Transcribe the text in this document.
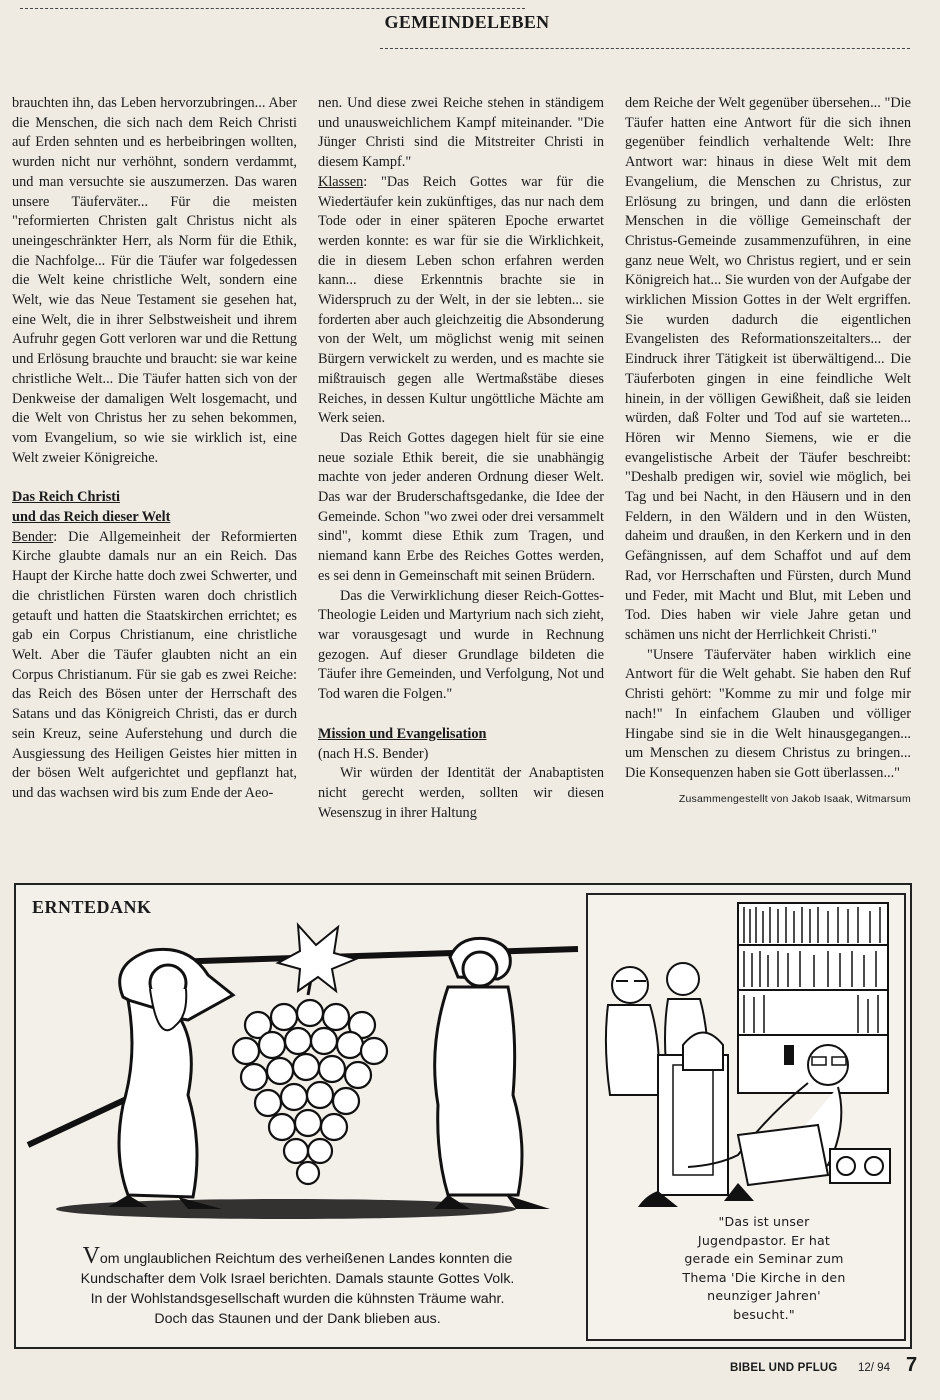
GEMEINDELEBEN

brauchten ihn, das Leben hervorzubringen... Aber die Menschen, die sich nach dem Reich Christi auf Erden sehnten und es herbeibringen wollten, wurden nicht nur verhöhnt, sondern verdammt, und man versuchte sie auszumerzen. Das waren unsere Täuferväter... Für die meisten "reformierten Christen galt Christus nicht als uneingeschränkter Herr, als Norm für die Ethik, die Nachfolge... Für die Täufer war folgedessen die Welt keine christliche Welt, sondern eine Welt, wie das Neue Testament sie gesehen hat, eine Welt, die in ihrer Selbstweisheit und ihrem Aufruhr gegen Gott verloren war und die Rettung und Erlösung brauchte und braucht: sie war keine christliche Welt... Die Täufer hatten sich von der Denkweise der damaligen Welt losgemacht, und die Welt von Christus her zu sehen bekommen, vom Evangelium, so wie sie wirklich ist, eine Welt zweier Königreiche.

Das Reich Christi
und das Reich dieser Welt

Bender: Die Allgemeinheit der Reformierten Kirche glaubte damals nur an ein Reich. Das Haupt der Kirche hatte doch zwei Schwerter, und die christlichen Fürsten waren doch christlich getauft und hatten die Staatskirchen errichtet; es gab ein Corpus Christianum, eine christliche Welt. Aber die Täufer glaubten nicht an ein Corpus Christianum. Für sie gab es zwei Reiche: das Reich des Bösen unter der Herrschaft des Satans und das Königreich Christi, das er durch sein Kreuz, seine Auferstehung und durch die Ausgiessung des Heiligen Geistes hier mitten in der bösen Welt aufgerichtet und gepflanzt hat, und das wachsen wird bis zum Ende der Aeo-

nen. Und diese zwei Reiche stehen in ständigem und unausweichlichem Kampf miteinander. "Die Jünger Christi sind die Mitstreiter Christi in diesem Kampf."

Klassen: "Das Reich Gottes war für die Wiedertäufer kein zukünftiges, das nur nach dem Tode oder in einer späteren Epoche erwartet werden konnte: es war für sie die Wirklichkeit, die in diesem Leben schon erfahren werden kann... diese Erkenntnis brachte sie in Widerspruch zu der Welt, in der sie lebten... sie forderten aber auch gleichzeitig die Absonderung von der Welt, um möglichst wenig mit seinen Bürgern verwickelt zu werden, und es machte sie mißtrauisch gegen alle Wertmaßstäbe dieses Reiches, in dessen Kultur ungöttliche Mächte am Werk seien.

Das Reich Gottes dagegen hielt für sie eine neue soziale Ethik bereit, die sie unabhängig machte von jeder anderen Ordnung dieser Welt. Das war der Bruderschaftsgedanke, die Idee der Gemeinde. Schon "wo zwei oder drei versammelt sind", kommt diese Ethik zum Tragen, und niemand kann Erbe des Reiches Gottes werden, es sei denn in Gemeinschaft mit seinen Brüdern.

Das die Verwirklichung dieser Reich-Gottes-Theologie Leiden und Martyrium nach sich zieht, war vorausgesagt und wurde in Rechnung gezogen. Auf dieser Grundlage bildeten die Täufer ihre Gemeinden, und Verfolgung, Not und Tod waren die Folgen."

Mission und Evangelisation

(nach H.S. Bender)

Wir würden der Identität der Anabaptisten nicht gerecht werden, sollten wir diesen Wesenszug in ihrer Haltung

dem Reiche der Welt gegenüber übersehen... "Die Täufer hatten eine Antwort für die sich ihnen gegenüber feindlich verhaltende Welt: Ihre Antwort war: hinaus in diese Welt mit dem Evangelium, die Menschen zu Christus, zur Erlösung zu bringen, und dann die erlösten Menschen in die völlige Gemeinschaft der Christus-Gemeinde zusammenzuführen, in eine ganz neue Welt, wo Christus regiert, und er sein Königreich hat... Sie wurden von der Aufgabe der wirklichen Mission Gottes in der Welt ergriffen. Sie wurden dadurch die eigentlichen Evangelisten des Reformationszeitalters... der Eindruck ihrer Tätigkeit ist überwältigend... Die Täuferboten gingen in eine feindliche Welt hinein, in der völligen Gewißheit, daß sie leiden würden, daß Folter und Tod auf sie warteten... Hören wir Menno Siemens, wie er die evangelistische Arbeit der Täufer beschreibt: "Deshalb predigen wir, soviel wie möglich, bei Tag und bei Nacht, in den Häusern und in den Feldern, in den Wäldern und in den Wüsten, daheim und draußen, in den Kerkern und in den Gefängnissen, auf dem Schaffot und auf dem Rad, vor Herrschaften und Fürsten, durch Mund und Feder, mit Macht und Blut, mit Leben und Tod. Dies haben wir viele Jahre getan und schämen uns nicht der Herrlichkeit Christi."

"Unsere Täuferväter haben wirklich eine Antwort für die Welt gehabt. Sie haben den Ruf Christi gehört: "Komme zu mir und folge mir nach!" In einfachem Glauben und völliger Hingabe sind sie in die Welt hinausgegangen... um Menschen zu diesem Christus zu bringen... Die Konsequenzen haben sie Gott überlassen..."

Zusammengestellt von Jakob Isaak, Witmarsum
ERNTEDANK
Vom unglaublichen Reichtum des verheißenen Landes konnten die
Kundschafter dem Volk Israel berichten. Damals staunte Gottes Volk.
In der Wohlstandsgesellschaft wurden die kühnsten Träume wahr.
Doch das Staunen und der Dank blieben aus.
"Das ist unser
Jugendpastor. Er hat
gerade ein Seminar zum
Thema 'Die Kirche in den
neunziger Jahren'
besucht."
BIBEL UND PFLUG 12/ 94 7
